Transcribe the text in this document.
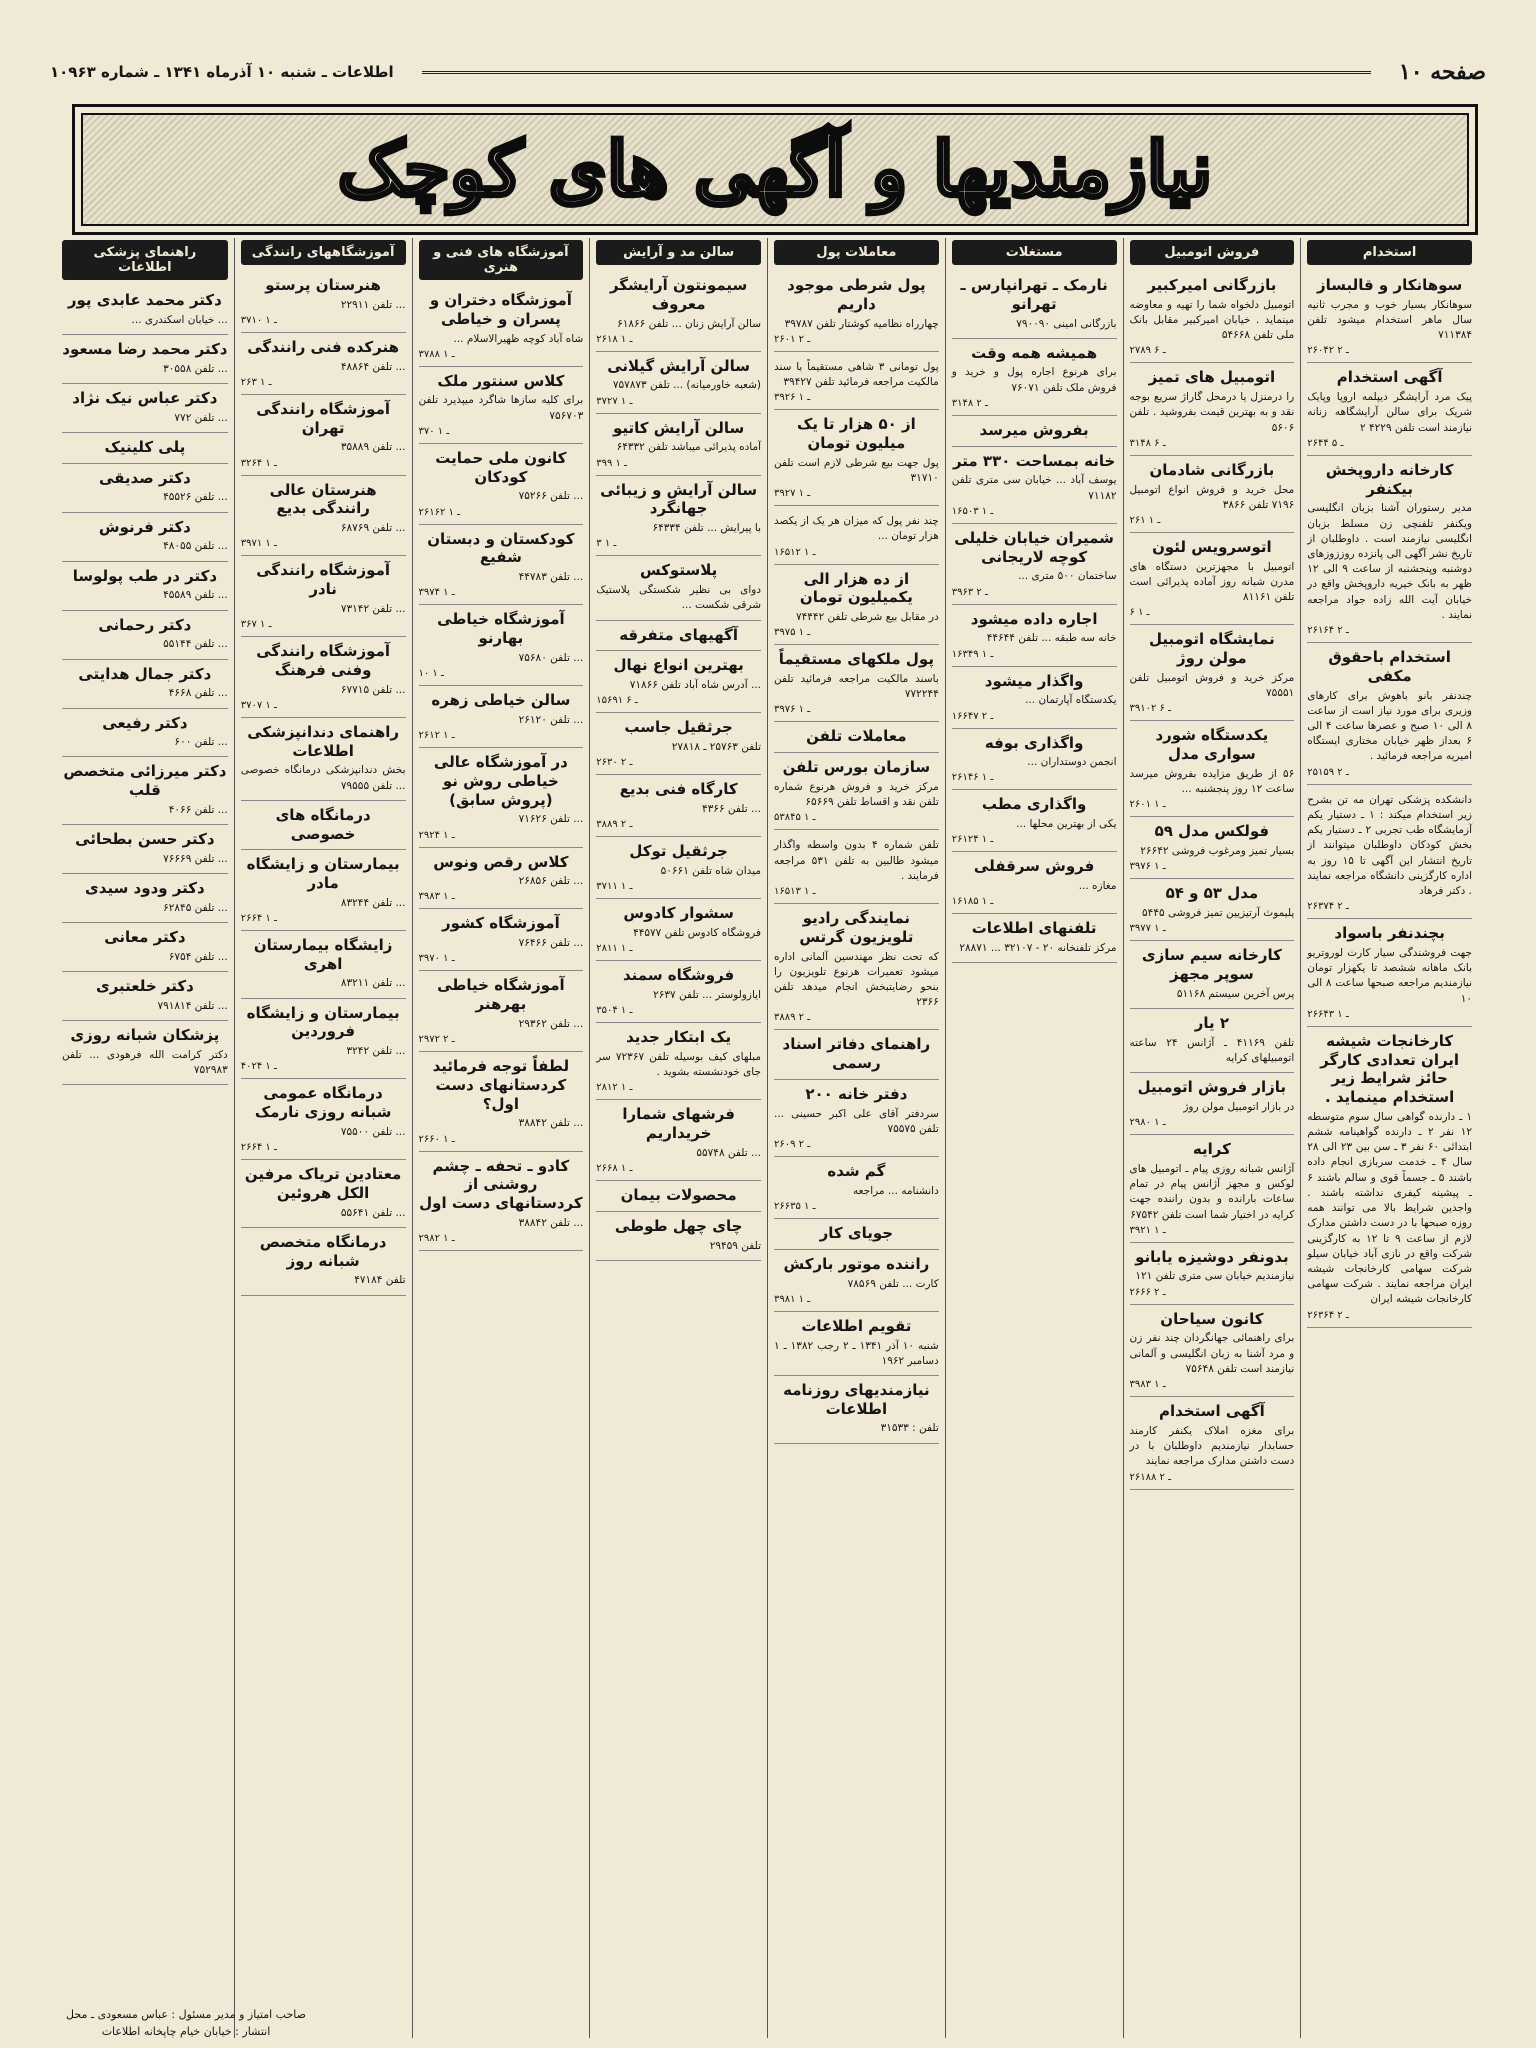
صفحه ۱۰
اطلاعات ـ شنبه ۱۰ آذرماه ۱۳۴۱ ـ شماره ۱۰۹۶۳
نیازمندیها و آگهی های کوچک
استخدام
سوهانکار و قالبساز
سوهانکار بسیار خوب و مجرب ثانیه سال ماهر استخدام میشود تلفن ۷۱۱۳۸۴
۲۶۰۴۲ ـ ۲
آگهی استخدام
پیک مرد آرایشگر دیپلمه اروپا وپایک شریک برای سالن آرایشگاهه زنانه نیازمند است تلفن ۴۲۲۹ ۲
۲۶۴۴ ـ ۵
کارخانه داروپخش بیکنفر
مدیر رستوران آشنا بزبان انگلیسی ویکنفر تلفنچی زن مسلط بزبان انگلیسی نیازمند است . داوطلبان از تاریخ نشر آگهی الی پانزده روززوزهای دوشنبه وپنجشنبه از ساعت ۹ الی ۱۲ ظهر به بانک خیریه داروپخش واقع در خیابان آیت الله زاده جواد مراجعه نمایند .
۲۶۱۶۴ ـ ۲
استخدام باحقوق مکفی
چندنفر بانو باهوش برای کارهای وزیری برای مورد نیاز است از ساعت ۸ الی ۱۰ صبح و عصرها ساعت ۴ الی ۶ بعداز ظهر خیابان مختاری ایستگاه امیریه مراجعه فرمائید .
۲۵۱۵۹ ـ ۲
دانشکده پزشکی تهران مه تن بشرح زیر استخدام میکند : ۱ ـ دستیار یکم آزمایشگاه طب تجربی ۲ ـ دستیار یکم بخش کودکان داوطلبان میتوانند از تاریخ انتشار این آگهی تا ۱۵ روز به اداره کارگزینی دانشگاه مراجعه نمایند . دکتر فرهاد
۲۶۳۷۴ ـ ۲
بچندنفر باسواد
جهت فروشندگی سیار کارت لوروتریو بانک ماهانه ششصد تا یکهزار تومان نیازمندیم مراجعه صبحها ساعت ۸ الی ۱۰
۲۶۶۴۳ ـ ۱
کارخانجات شیشه ایران تعدادی کارگر حائز شرایط زیر استخدام مینماید .
۱ ـ دارنده گواهی سال سوم متوسطه ۱۲ نفر ۲ ـ دارنده گواهینامه ششم ابتدائی ۶۰ نفر ۳ ـ سن بین ۲۳ الی ۲۸ سال ۴ ـ خدمت سربازی انجام داده باشند ۵ ـ جسماً قوی و سالم باشند ۶ ـ پیشینه کیفری نداشته باشند . واجدین شرایط بالا می توانند همه روزه صبحها با در دست داشتن مدارک لازم از ساعت ۹ تا ۱۲ به کارگزینی شرکت واقع در نازی آباد خیابان سیلو شرکت سهامی کارخانجات شیشه ایران مراجعه نمایند . شرکت سهامی کارخانجات شیشه ایران
۲۶۳۶۴ ـ ۲
فروش اتومبیل
بازرگانی امیرکبیر
اتومبیل دلخواه شما را تهیه و معاوضه مینماید . خیابان امیرکبیر مقابل بانک ملی تلفن ۵۴۶۶۸
۲۷۸۹ ـ ۶
اتومبیل های تمیز
را درمنزل یا درمحل گاراژ سریع بوجه نقد و به بهترین قیمت بفروشید . تلفن ۵۶۰۶
۳۱۴۸ ـ ۶
بازرگانی شادمان
محل خرید و فروش انواع اتومبیل ۷۱۹۶ تلفن ۳۸۶۶
۲۶۱ ـ ۱
اتوسرویس لئون
اتومبیل با مجهزترین دستگاه های مدرن شبانه روز آماده پذیرائی است تلفن ۸۱۱۶۱
۶ ـ ۱
نمایشگاه اتومبیل مولن روژ
مرکز خرید و فروش اتومبیل تلفن ۷۵۵۵۱
۳۹۱۰۲ ـ ۶
یکدستگاه شورد سواری مدل
۵۶ از طریق مزایده بفروش میرسد ساعت ۱۲ روز پنجشنبه ...
۲۶۰۱ ـ ۱
فولکس مدل ۵۹
بسیار تمیز ومرغوب فروشی ۲۶۶۴۲
۳۹۷۶ ـ ۱
مدل ۵۳ و ۵۴
پلیموث آرتیزیین تمیز فروشی ۵۴۴۵
۳۹۷۷ ـ ۱
کارخانه سیم سازی سوپر مجهز
پرس آخرین سیستم ۵۱۱۶۸
۲ یار
تلفن ۴۱۱۶۹ ـ آژانس ۲۴ ساعته اتومبیلهای کرایه
بازار فروش اتومبیل
در بازار اتومبیل مولن روژ
۲۹۸۰ ـ ۱
کرایه
آژانس شبانه روزی پیام ـ اتومبیل های لوکس و مجهز آژانس پیام در تمام ساعات بارانده و بدون راننده جهت کرایه در اختیار شما است تلفن ۶۷۵۴۲
۳۹۲۱ ـ ۱
بدونفر دوشیزه یابانو
نیازمندیم خیابان سی متری تلفن ۱۲۱
۲۶۶۶ ـ ۲
کانون سیاحان
برای راهنمائی جهانگردان چند نفر زن و مرد آشنا به زبان انگلیسی و آلمانی نیازمند است تلفن ۷۵۶۴۸
۳۹۸۳ ـ ۱
آگهی استخدام
برای مغزه املاک یکنفر کارمند حسابدار نیازمندیم داوطلبان با در دست داشتن مدارک مراجعه نمایند
۲۶۱۸۸ ـ ۲
مستغلات
نارمک ـ تهرانپارس ـ تهرانو
بازرگانی امینی ۷۹۰۰۹۰
همیشه همه وقت
برای هرنوع اجاره پول و خرید و فروش ملک تلفن ۷۶۰۷۱
۳۱۴۸ ـ ۲
بفروش میرسد
خانه بمساحت ۳۳۰ متر
یوسف آباد ... خیابان سی متری تلفن ۷۱۱۸۲
۱۶۵۰۳ ـ ۱
شمیران خیابان خلیلی کوچه لاریجانی
ساختمان ۵۰۰ متری ...
۳۹۶۳ ـ ۲
اجاره داده میشود
خانه سه طبقه ... تلفن ۴۴۶۴۴
۱۶۳۴۹ ـ ۱
واگذار میشود
یکدستگاه آپارتمان ...
۱۶۶۴۷ ـ ۲
واگذاری بوفه
انجمن دوستداران ...
۲۶۱۴۶ ـ ۱
واگذاری مطب
یکی از بهترین محلها ...
۲۶۱۲۴ ـ ۱
فروش سرقفلی
مغازه ...
۱۶۱۸۵ ـ ۱
تلفنهای اطلاعات
مرکز تلفنخانه ۲۰ - ۳۲۱۰۷ ... ۲۸۸۷۱
معاملات پول
پول شرطی موجود داریم
چهارراه نظامیه کوشتار تلفن ۳۹۷۸۷
۲۶۰۱ ـ ۲
پول تومانی ۳ شاهی مستقیماً با سند مالکیت مراجعه فرمائید تلفن ۳۹۴۲۷
۳۹۲۶ ـ ۱
از ۵۰ هزار تا یک میلیون تومان
پول جهت بیع شرطی لازم است تلفن ۳۱۷۱۰
۳۹۲۷ ـ ۱
چند نفر پول که میزان هر یک از یکصد هزار تومان ...
۱۶۵۱۲ ـ ۱
از ده هزار الی یکمیلیون تومان
در مقابل بیع شرطی تلفن ۷۴۴۴۲
۳۹۷۵ ـ ۱
پول ملکهای مستقیماً
باسند مالکیت مراجعه فرمائید تلفن ۷۷۲۲۴۴
۳۹۷۶ ـ ۱
معاملات تلفن
سازمان بورس تلفن
مرکز خرید و فروش هرنوع شماره تلفن نقد و اقساط تلفن ۶۵۶۶۹
۵۳۸۴۵ ـ ۱
تلفن شماره ۴ بدون واسطه واگذار میشود طالبین به تلفن ۵۳۱ مراجعه فرمایند .
۱۶۵۱۳ ـ ۱
نمایندگی رادیو تلویزیون گرتس
که تحت نظر مهندسین آلمانی اداره میشود تعمیرات هرنوع تلویزیون را بنحو رضایتبخش انجام میدهد تلفن ۲۳۶۶
۳۸۸۹ ـ ۲
راهنمای دفاتر اسناد رسمی
دفتر خانه ۲۰۰
سردفتر آقای علی اکبر حسینی ... تلفن ۷۵۵۷۵
۲۶۰۹ ـ ۲
گم شده
دانشنامه ... مراجعه
۲۶۶۳۵ ـ ۱
جویای کار
راننده موتور بارکش
کارت ... تلفن ۷۸۵۶۹
۳۹۸۱ ـ ۱
تقویم اطلاعات
شنبه ۱۰ آذر ۱۳۴۱ ـ ۲ رجب ۱۳۸۲ ـ ۱ دسامبر ۱۹۶۲
نیازمندیهای روزنامه اطلاعات
تلفن : ۳۱۵۳۳
سالن مد و آرایش
سیمونتون آرایشگر معروف
سالن آرایش زنان ... تلفن ۶۱۸۶۶
۲۶۱۸ ـ ۱
سالن آرایش گیلانی
(شعبه خاورمیانه) ... تلفن ۷۵۷۸۷۳
۳۷۲۷ ـ ۱
سالن آرایش کاتیو
آماده پذیرائی میباشد تلفن ۶۴۳۳۲
۳۹۹ ـ ۱
سالن آرایش و زیبائی جهانگرد
با پیرایش ... تلفن ۶۴۳۳۴
۳ ـ ۱
پلاستوکس
دوای بی نظیر شکستگی پلاستیک شرقی شکست ...
آگهیهای متفرقه
بهترین انواع نهال
... آدرس شاه آباد تلفن ۷۱۸۶۶
۱۵۶۹۱ ـ ۶
جرثقیل جاسب
تلفن ۲۵۷۶۳ ـ ۲۷۸۱۸
۲۶۳۰ ـ ۲
کارگاه فنی بدیع
... تلفن ۴۳۶۶
۳۸۸۹ ـ ۲
جرثقیل توکل
میدان شاه تلفن ۵۰۶۶۱
۳۷۱۱ ـ ۱
سشوار کادوس
فروشگاه کادوس تلفن ۴۴۵۷۷
۲۸۱۱ ـ ۱
فروشگاه سمند
ایازولوستر ... تلفن ۲۶۳۷
۳۵۰۴ ـ ۱
یک ابتکار جدید
مبلهای کیف بوسیله تلفن ۷۲۳۶۷ سر جای خودنشسته بشوید .
۲۸۱۲ ـ ۱
فرشهای شمارا خریداریم
... تلفن ۵۵۷۴۸
۲۶۶۸ ـ ۱
محصولات بیمان
چای چهل طوطی
تلفن ۲۹۴۵۹
آموزشگاه های فنی و هنری
آموزشگاه دختران و پسران و خیاطی
شاه آباد کوچه ظهیرالاسلام ...
۳۷۸۸ ـ ۱
کلاس سنتور ملک
برای کلیه سازها شاگرد میپذیرد تلفن ۷۵۶۷۰۳
۳۷۰ ـ ۱
کانون ملی حمایت کودکان
... تلفن ۷۵۲۶۶
۲۶۱۶۲ ـ ۱
کودکستان و دبستان شفیع
... تلفن ۴۴۷۸۳
۳۹۷۴ ـ ۱
آموزشگاه خیاطی بهارنو
... تلفن ۷۵۶۸۰
۱۰ ـ ۱
سالن خیاطی زهره
... تلفن ۲۶۱۲۰
۲۶۱۲ ـ ۱
در آموزشگاه عالی خیاطی روش نو (پروش سابق)
... تلفن ۷۱۶۲۶
۲۹۲۴ ـ ۱
کلاس رقص ونوس
... تلفن ۲۶۸۵۶
۳۹۸۳ ـ ۱
آموزشگاه کشور
... تلفن ۷۶۴۶۶
۳۹۷۰ ـ ۱
آموزشگاه خیاطی بهرهنر
... تلفن ۲۹۳۶۲
۲۹۷۲ ـ ۲
لطفاً توجه فرمائید کردستانهای دست اول؟
... تلفن ۳۸۸۴۲
۲۶۶۰ ـ ۱
کادو ـ تحفه ـ چشم روشنی از کردستانهای دست اول
... تلفن ۳۸۸۴۲
۲۹۸۲ ـ ۱
آموزشگاههای رانندگی
هنرستان پرستو
... تلفن ۲۲۹۱۱
۳۷۱۰ ـ ۱
هنرکده فنی رانندگی
... تلفن ۴۸۸۶۴
۲۶۳ ـ ۱
آموزشگاه رانندگی تهران
... تلفن ۳۵۸۸۹
۳۲۶۴ ـ ۱
هنرستان عالی رانندگی بدیع
... تلفن ۶۸۷۶۹
۳۹۷۱ ـ ۱
آموزشگاه رانندگی نادر
... تلفن ۷۳۱۴۲
۳۶۷ ـ ۱
آموزشگاه رانندگی وفنی فرهنگ
... تلفن ۶۷۷۱۵
۳۷۰۷ ـ ۱
راهنمای دندانپزشکی اطلاعات
بخش دندانپزشکی درمانگاه خصوصی ... تلفن ۷۹۵۵۵
درمانگاه های خصوصی
بیمارستان و زایشگاه مادر
... تلفن ۸۳۲۴۴
۲۶۶۴ ـ ۱
زایشگاه بیمارستان اهری
... تلفن ۸۳۲۱۱
بیمارستان و زایشگاه فروردین
... تلفن ۳۲۴۲
۴۰۲۴ ـ ۱
درمانگاه عمومی شبانه روزی نارمک
... تلفن ۷۵۵۰۰
۲۶۶۴ ـ ۱
معتادین تریاک مرفین الکل هروئین
... تلفن ۵۵۶۴۱
درمانگاه متخصص شبانه روز
تلفن ۴۷۱۸۴
راهنمای پزشکی اطلاعات
دکتر محمد عابدی پور
... خیابان اسکندری ...
دکتر محمد رضا مسعود
... تلفن ۳۰۵۵۸
دکتر عباس نیک نژاد
... تلفن ۷۷۲
پلی کلینیک
دکتر صدیقی
... تلفن ۴۵۵۲۶
دکتر فرنوش
... تلفن ۴۸۰۵۵
دکتر در طب پولوسا
... تلفن ۴۵۵۸۹
دکتر رحمانی
... تلفن ۵۵۱۴۴
دکتر جمال هدایتی
... تلفن ۴۶۶۸
دکتر رفیعی
... تلفن ۶۰۰
دکتر میرزائی متخصص قلب
... تلفن ۴۰۶۶
دکتر حسن بطحائی
... تلفن ۷۶۶۶۹
دکتر ودود سیدی
... تلفن ۶۲۸۴۵
دکتر معانی
... تلفن ۶۷۵۴
دکتر خلعتبری
... تلفن ۷۹۱۸۱۴
پزشکان شبانه روزی
دکتر کرامت الله فرهودی ... تلفن ۷۵۲۹۸۳
صاحب امتیاز و مدیر مسئول : عباس مسعودی ـ محل انتشار : خیابان خیام چاپخانه اطلاعات
